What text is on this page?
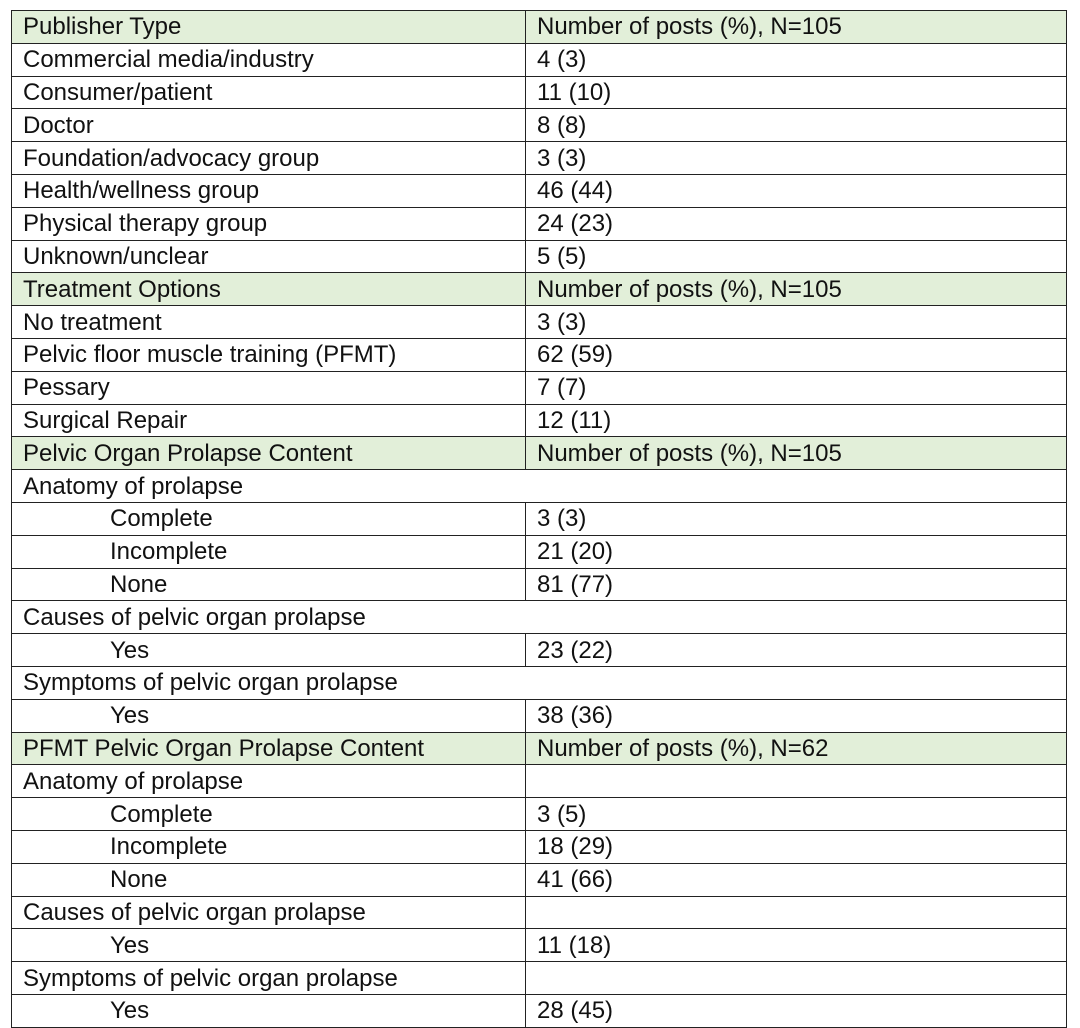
Publisher Type	Number of posts (%), N=105
Commercial media/industry	4 (3)
Consumer/patient	11 (10)
Doctor	8 (8)
Foundation/advocacy group	3 (3)
Health/wellness group	46 (44)
Physical therapy group	24 (23)
Unknown/unclear	5 (5)
Treatment Options	Number of posts (%), N=105
No treatment	3 (3)
Pelvic floor muscle training (PFMT)	62 (59)
Pessary	7 (7)
Surgical Repair	12 (11)
Pelvic Organ Prolapse Content	Number of posts (%), N=105
Anatomy of prolapse	
Complete	3 (3)
Incomplete	21 (20)
None	81 (77)
Causes of pelvic organ prolapse	
Yes	23 (22)
Symptoms of pelvic organ prolapse	
Yes	38 (36)
PFMT Pelvic Organ Prolapse Content	Number of posts (%), N=62
Anatomy of prolapse	
Complete	3 (5)
Incomplete	18 (29)
None	41 (66)
Causes of pelvic organ prolapse	
Yes	11 (18)
Symptoms of pelvic organ prolapse	
Yes	28 (45)
